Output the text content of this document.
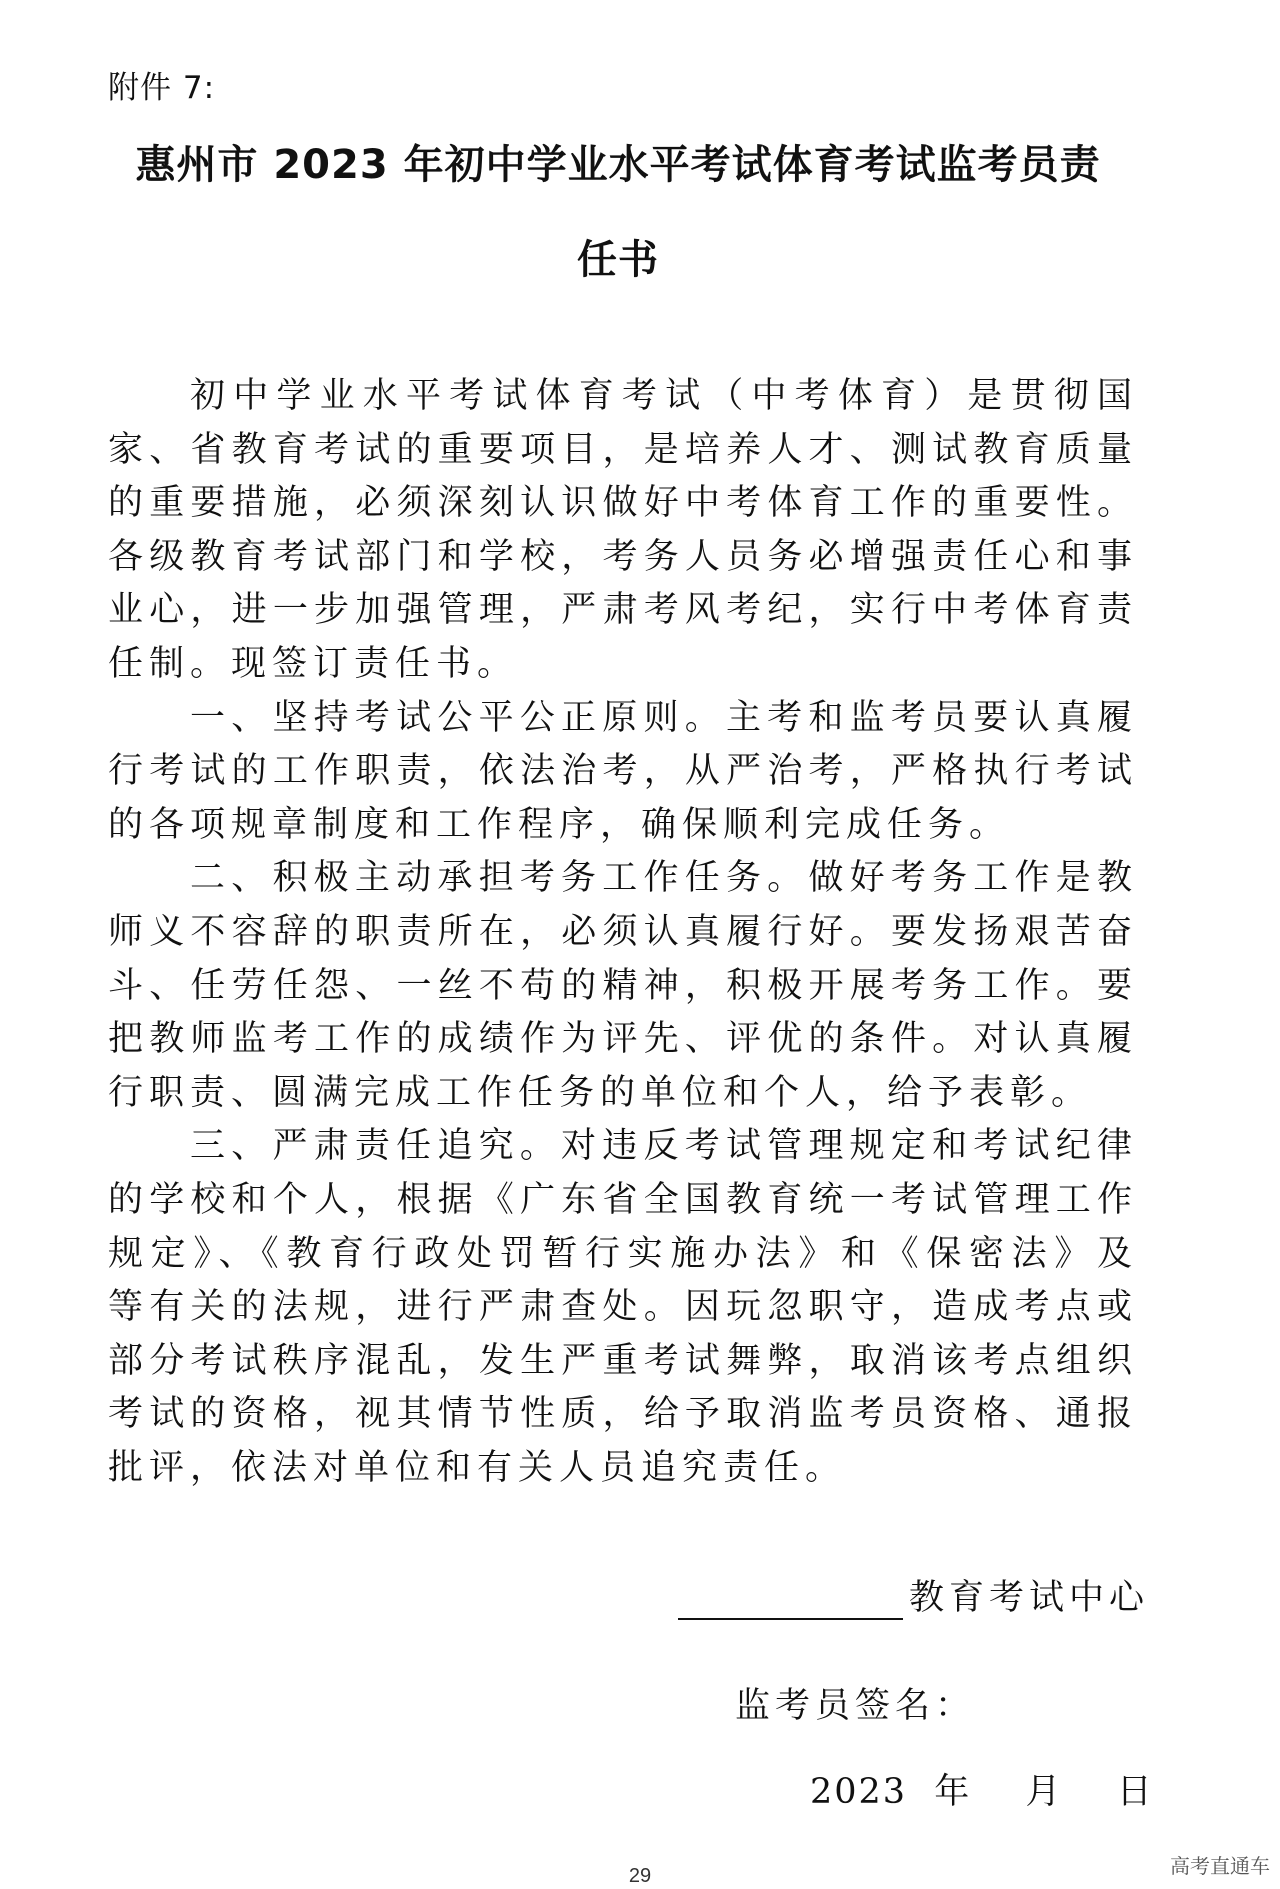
附件 7:
惠州市 2023 年初中学业水平考试体育考试监考员责
任书

初中学业水平考试体育考试（中考体育）是贯彻国家、省教育考试的重要项目，是培养人才、测试教育质量的重要措施，必须深刻认识做好中考体育工作的重要性。各级教育考试部门和学校，考务人员务必增强责任心和事业心，进一步加强管理，严肃考风考纪，实行中考体育责任制。现签订责任书。

一、坚持考试公平公正原则。主考和监考员要认真履行考试的工作职责，依法治考，从严治考，严格执行考试的各项规章制度和工作程序，确保顺利完成任务。

二、积极主动承担考务工作任务。做好考务工作是教师义不容辞的职责所在，必须认真履行好。要发扬艰苦奋斗、任劳任怨、一丝不苟的精神，积极开展考务工作。要把教师监考工作的成绩作为评先、评优的条件。对认真履行职责、圆满完成工作任务的单位和个人，给予表彰。

三、严肃责任追究。对违反考试管理规定和考试纪律的学校和个人，根据《广东省全国教育统一考试管理工作规定》、《教育行政处罚暂行实施办法》和《保密法》及等有关的法规，进行严肃查处。因玩忽职守，造成考点或部分考试秩序混乱，发生严重考试舞弊，取消该考点组织考试的资格，视其情节性质，给予取消监考员资格、通报批评，依法对单位和有关人员追究责任。

教育考试中心
监考员签名：
2023 年  月  日
29	高考直通车
